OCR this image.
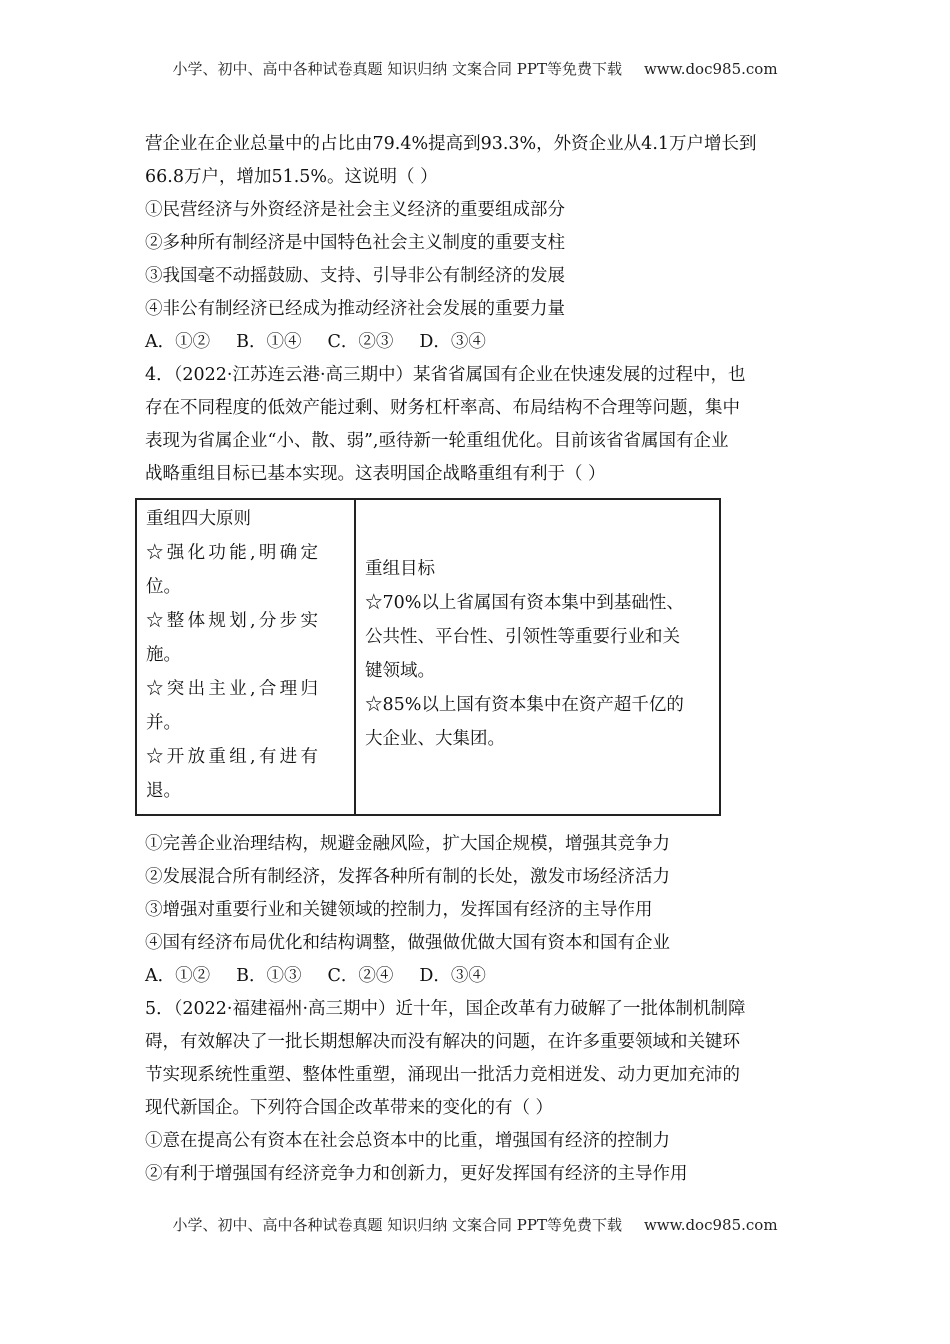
小学、初中、高中各种试卷真题 知识归纳 文案合同 PPT等免费下载 www.doc985.com
营企业在企业总量中的占比由79.4%提高到93.3%，外资企业从4.1万户增长到
66.8万户，增加51.5%。这说明（ ）
①民营经济与外资经济是社会主义经济的重要组成部分
②多种所有制经济是中国特色社会主义制度的重要支柱
③我国毫不动摇鼓励、支持、引导非公有制经济的发展
④非公有制经济已经成为推动经济社会发展的重要力量
A．①② B．①④ C．②③ D．③④
4．（2022·江苏连云港·高三期中）某省省属国有企业在快速发展的过程中，也
存在不同程度的低效产能过剩、财务杠杆率高、布局结构不合理等问题，集中
表现为省属企业“小、散、弱”,亟待新一轮重组优化。目前该省省属国有企业
战略重组目标已基本实现。这表明国企战略重组有利于（ ）
重组四大原则
☆强化功能,明确定
位。
☆整体规划,分步实
施。
☆突出主业,合理归
并。
☆开放重组,有进有
退。

重组目标
☆70%以上省属国有资本集中到基础性、
公共性、平台性、引领性等重要行业和关
键领域。
☆85%以上国有资本集中在资产超千亿的
大企业、大集团。
①完善企业治理结构，规避金融风险，扩大国企规模，增强其竞争力
②发展混合所有制经济，发挥各种所有制的长处，激发市场经济活力
③增强对重要行业和关键领域的控制力，发挥国有经济的主导作用
④国有经济布局优化和结构调整，做强做优做大国有资本和国有企业
A．①② B．①③ C．②④ D．③④
5．（2022·福建福州·高三期中）近十年，国企改革有力破解了一批体制机制障
碍，有效解决了一批长期想解决而没有解决的问题，在许多重要领域和关键环
节实现系统性重塑、整体性重塑，涌现出一批活力竞相迸发、动力更加充沛的
现代新国企。下列符合国企改革带来的变化的有（ ）
①意在提高公有资本在社会总资本中的比重，增强国有经济的控制力
②有利于增强国有经济竞争力和创新力，更好发挥国有经济的主导作用
小学、初中、高中各种试卷真题 知识归纳 文案合同 PPT等免费下载 www.doc985.com
